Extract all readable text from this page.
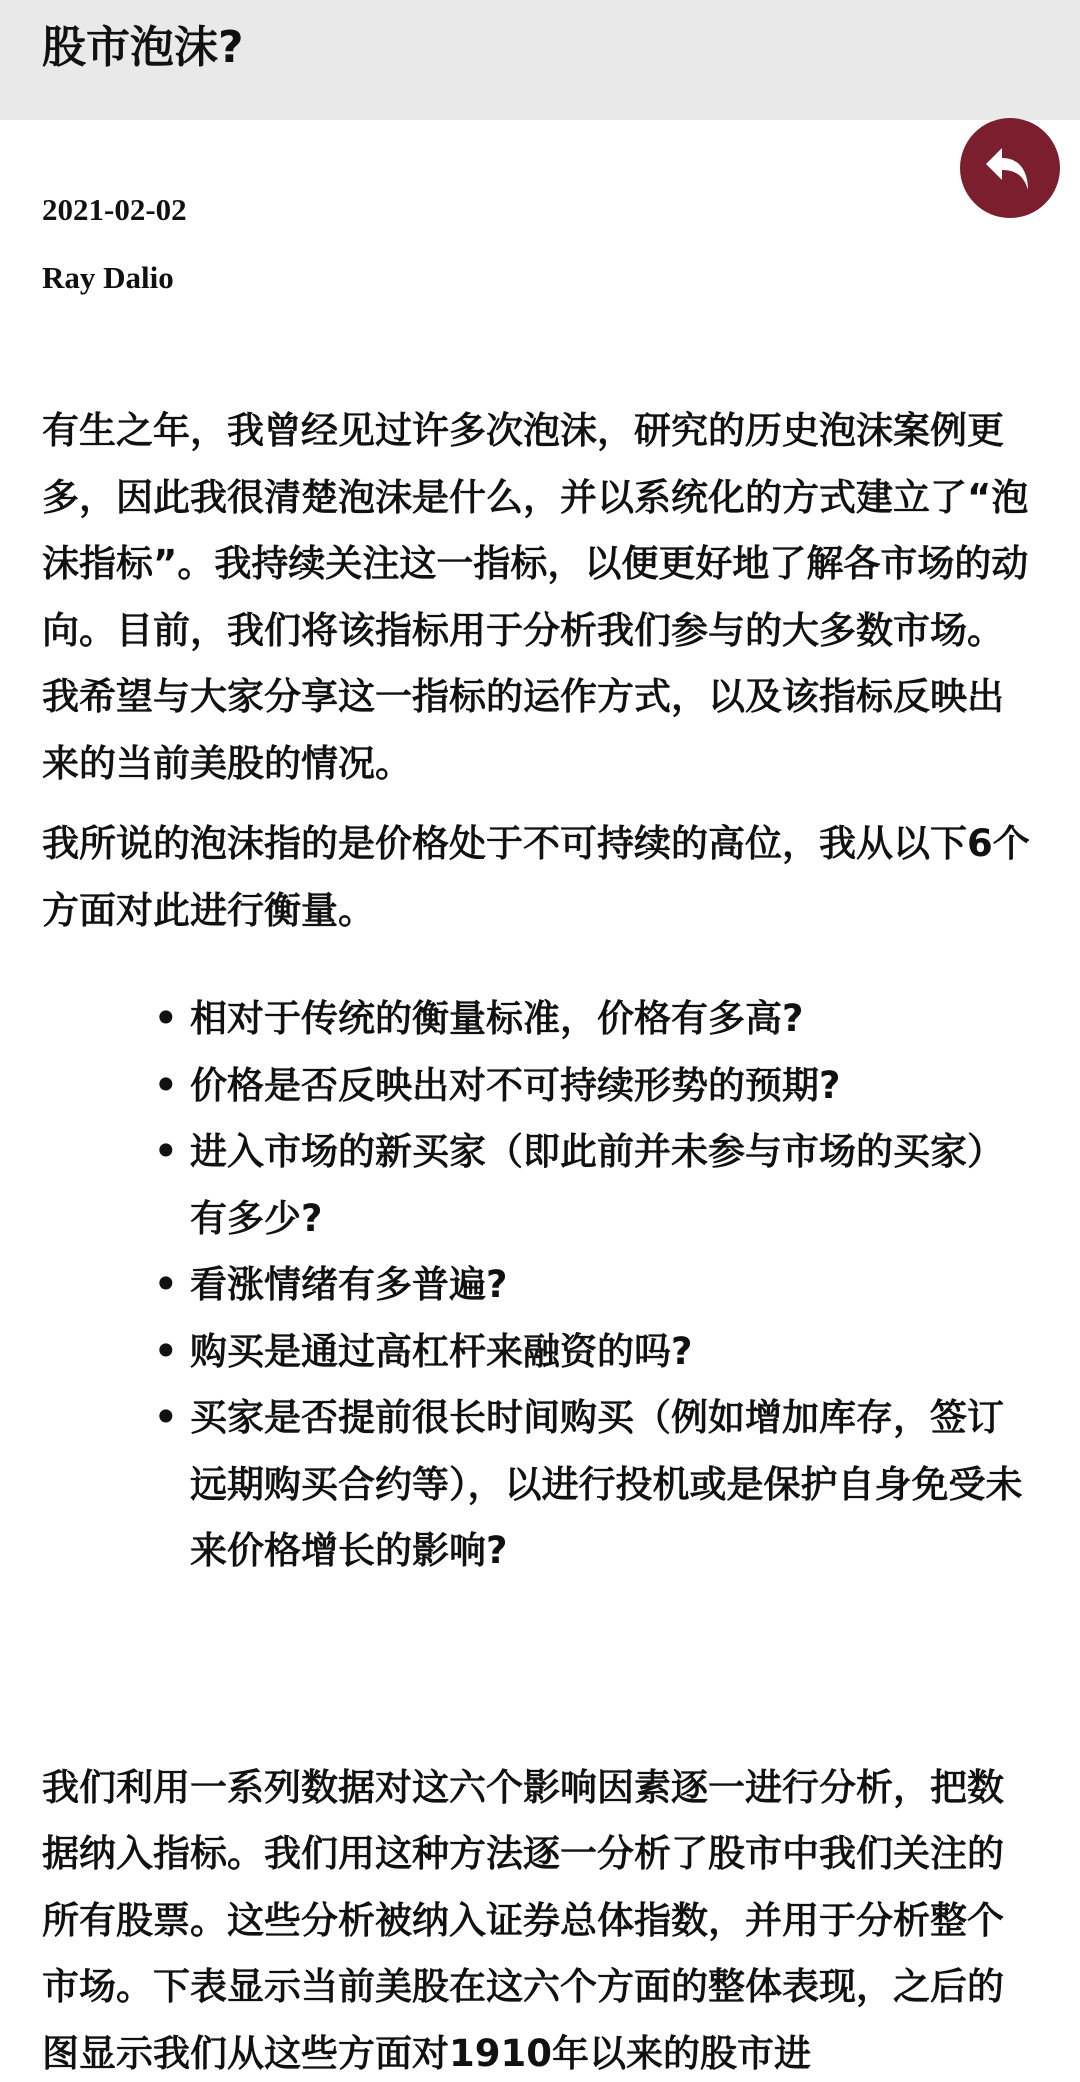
股市泡沫?

2021-02-02

Ray Dalio

有生之年，我曾经见过许多次泡沫，研究的历史泡沫案例更多，因此我很清楚泡沫是什么，并以系统化的方式建立了“泡沫指标”。我持续关注这一指标，以便更好地了解各市场的动向。目前，我们将该指标用于分析我们参与的大多数市场。我希望与大家分享这一指标的运作方式，以及该指标反映出来的当前美股的情况。

我所说的泡沫指的是价格处于不可持续的高位，我从以下6个方面对此进行衡量。

• 相对于传统的衡量标准，价格有多高?
• 价格是否反映出对不可持续形势的预期?
• 进入市场的新买家（即此前并未参与市场的买家）有多少?
• 看涨情绪有多普遍?
• 购买是通过高杠杆来融资的吗?
• 买家是否提前很长时间购买（例如增加库存，签订远期购买合约等），以进行投机或是保护自身免受未来价格增长的影响?

我们利用一系列数据对这六个影响因素逐一进行分析，把数据纳入指标。我们用这种方法逐一分析了股市中我们关注的所有股票。这些分析被纳入证券总体指数，并用于分析整个市场。下表显示当前美股在这六个方面的整体表现，之后的图显示我们从这些方面对1910年以来的股市进
